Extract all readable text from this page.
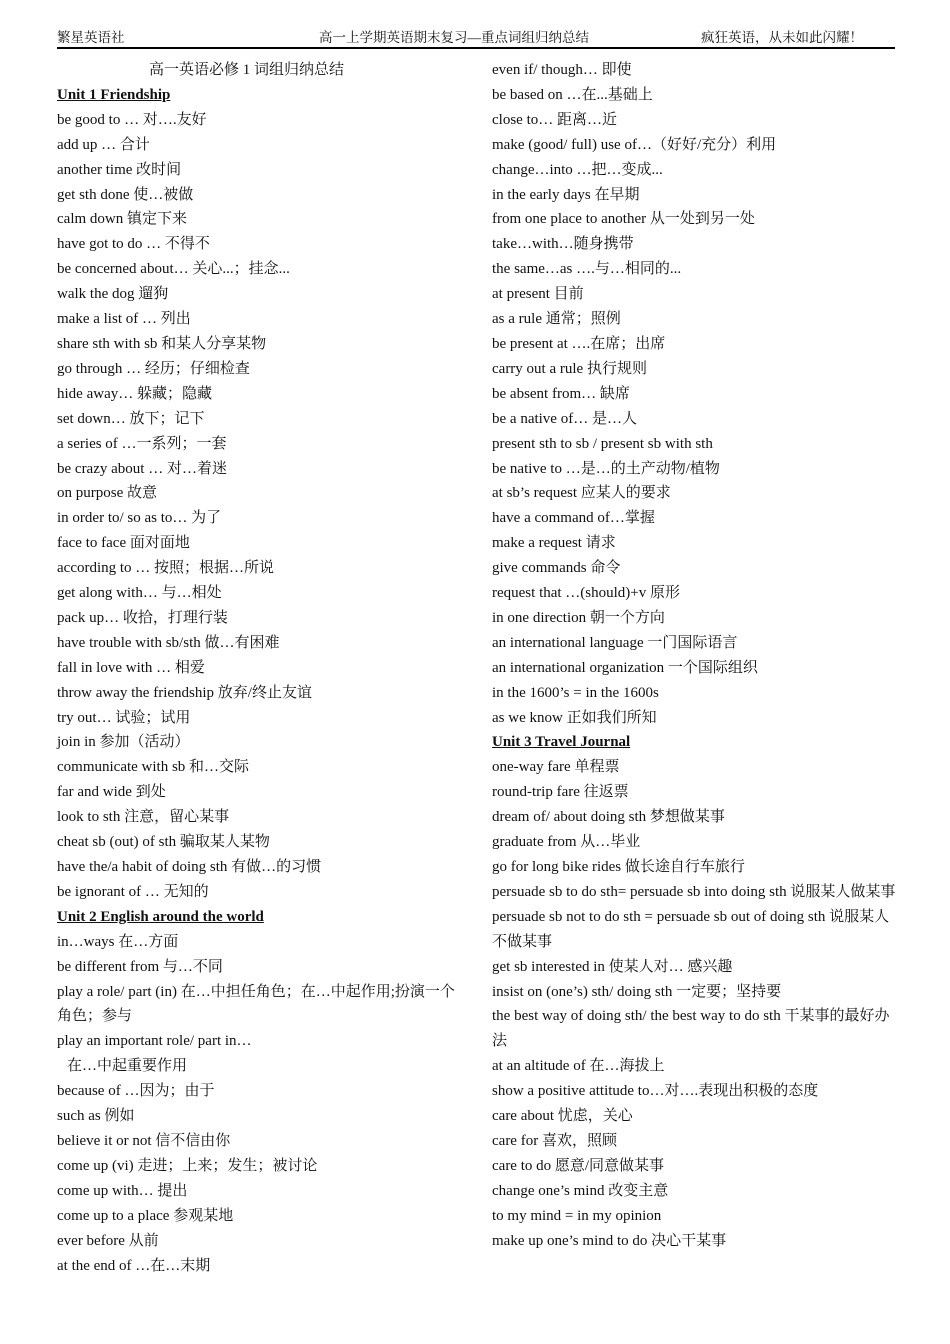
繁星英语社	高一上学期英语期末复习—重点词组归纳总结	疯狂英语，从未如此闪耀！
高一英语必修 1 词组归纳总结
Unit 1 Friendship
be good to … 对….友好
add up … 合计
another time 改时间
get sth done 使…被做
calm down 镇定下来
have got to do … 不得不
be concerned about… 关心...；挂念...
walk the dog 遛狗
make a list of … 列出
share sth with sb 和某人分享某物
go through … 经历；仔细检查
hide away… 躲藏；隐藏
set down… 放下；记下
a series of …一系列；一套
be crazy about … 对…着迷
on purpose 故意
in order to/ so as to… 为了
face to face 面对面地
according to … 按照；根据…所说
get along with… 与…相处
pack up… 收拾，打理行装
have trouble with sb/sth 做…有困难
fall in love with … 相爱
throw away the friendship 放弃/终止友谊
try out… 试验；试用
join in 参加（活动）
communicate with sb 和…交际
far and wide 到处
look to sth 注意，留心某事
cheat sb (out) of sth 骗取某人某物
have the/a habit of doing sth 有做…的习惯
be ignorant of … 无知的
Unit 2 English around the world
in…ways 在…方面
be different from 与…不同
play a role/ part (in) 在…中担任角色；在…中起作用;扮演一个角色；参与
play an important role/ part in…
在…中起重要作用
because of …因为；由于
such as 例如
believe it or not 信不信由你
come up (vi) 走进；上来；发生；被讨论
come up with… 提出
come up to a place 参观某地
ever before 从前
at the end of …在…末期
even if/ though… 即使
be based on …在...基础上
close to… 距离…近
make (good/ full) use of…（好好/充分）利用
change…into …把…变成...
in the early days 在早期
from one place to another 从一处到另一处
take…with…随身携带
the same…as ….与…相同的...
at present 目前
as a rule 通常；照例
be present at ….在席；出席
carry out a rule 执行规则
be absent from… 缺席
be a native of… 是…人
present sth to sb / present sb with sth
be native to …是…的土产动物/植物
at sb’s request 应某人的要求
have a command of…掌握
make a request 请求
give commands 命令
request that …(should)+v 原形
in one direction 朝一个方向
an international language 一门国际语言
an international organization 一个国际组织
in the 1600’s = in the 1600s
as we know 正如我们所知
Unit 3 Travel Journal
one-way fare 单程票
round-trip fare 往返票
dream of/ about doing sth 梦想做某事
graduate from 从…毕业
go for long bike rides 做长途自行车旅行
persuade sb to do sth= persuade sb into doing sth 说服某人做某事
persuade sb not to do sth = persuade sb out of doing sth 说服某人不做某事
get sb interested in 使某人对… 感兴趣
insist on (one’s) sth/ doing sth 一定要；坚持要
the best way of doing sth/ the best way to do sth 干某事的最好办法
at an altitude of 在…海拔上
show a positive attitude to…对….表现出积极的态度
care about 忧虑，关心
care for 喜欢，照顾
care to do 愿意/同意做某事
change one’s mind 改变主意
to my mind = in my opinion
make up one’s mind to do 决心干某事
